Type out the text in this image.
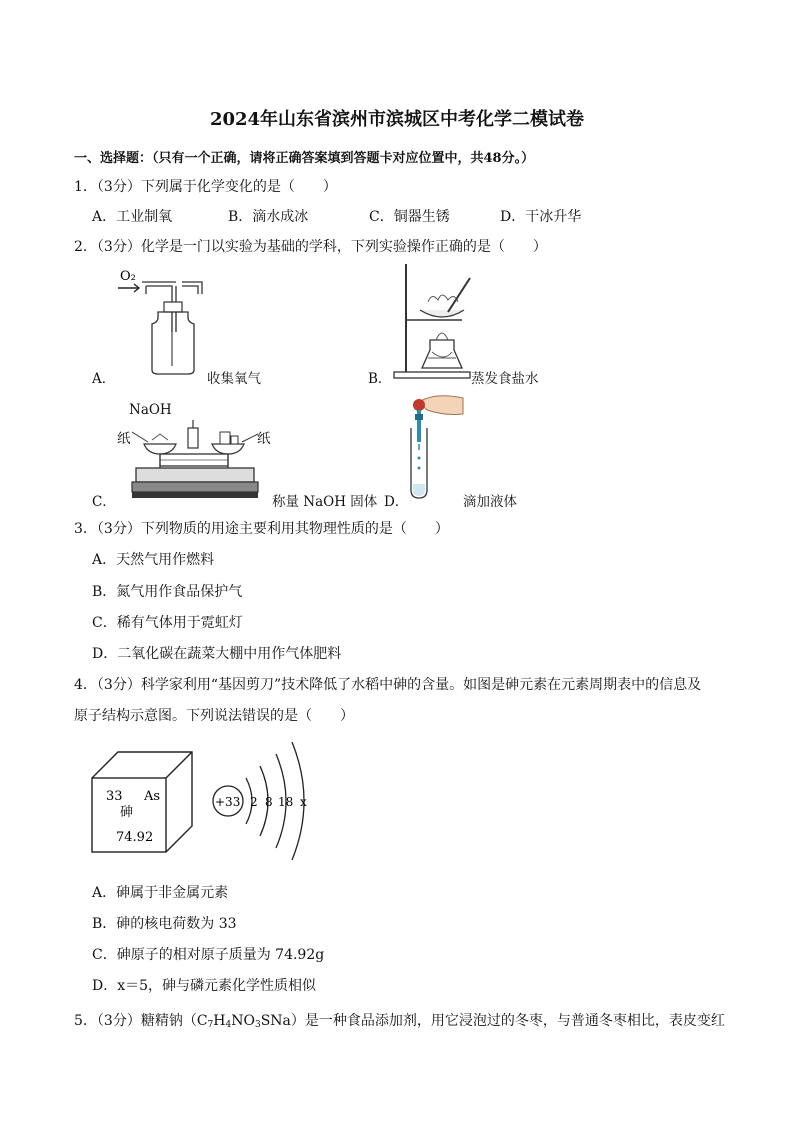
2024年山东省滨州市滨城区中考化学二模试卷
一、选择题：（只有一个正确，请将正确答案填到答题卡对应位置中，共48分。）
1．（3分）下列属于化学变化的是（　　）
A．工业制氧	B．滴水成冰	C．铜器生锈	D．干冰升华
2．（3分）化学是一门以实验为基础的学科，下列实验操作正确的是（　　）
O₂
A．	收集氧气	B．	蒸发食盐水
NaOH
纸	纸
C．	称量 NaOH 固体 D．	滴加液体
3．（3分）下列物质的用途主要利用其物理性质的是（　　）
A．天然气用作燃料
B．氮气用作食品保护气
C．稀有气体用于霓虹灯
D．二氧化碳在蔬菜大棚中用作气体肥料
4．（3分）科学家利用“基因剪刀”技术降低了水稻中砷的含量。如图是砷元素在元素周期表中的信息及
原子结构示意图。下列说法错误的是（　　）
33 As
砷
74.92
+33 2 8 18 x
A．砷属于非金属元素
B．砷的核电荷数为 33
C．砷原子的相对原子质量为 74.92g
D．x＝5，砷与磷元素化学性质相似
5．（3分）糖精钠$(C_7H_4NO_3SNa)$是一种食品添加剂，用它浸泡过的冬枣，与普通冬枣相比，表皮变红
